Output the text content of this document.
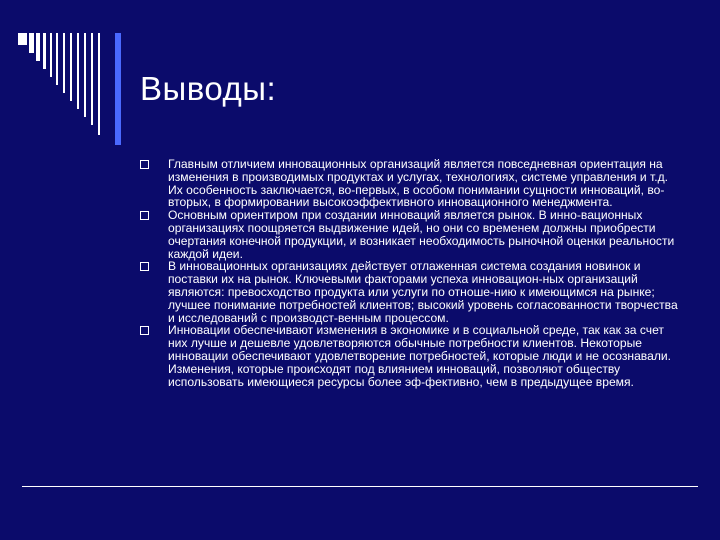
Выводы:
Главным отличием инновационных организаций является повседневная ориентация на изменения в производимых продуктах и услугах, технологиях, системе управления и т.д. Их особенность заключается, во-первых, в особом понимании сущности инноваций, во-вторых, в формировании высокоэффективного инновационного менеджмента.
Основным ориентиром при создании инноваций является рынок. В инно-вационных организациях поощряется выдвижение идей, но они со временем должны приобрести очертания конечной продукции, и возникает необходимость рыночной оценки реальности каждой идеи.
В инновационных организациях действует отлаженная система создания новинок и поставки их на рынок. Ключевыми факторами успеха инновацион-ных организаций являются: превосходство продукта или услуги по отноше-нию к имеющимся на рынке; лучшее понимание потребностей клиентов; высокий уровень согласованности творчества и исследований с производст-венным процессом.
Инновации обеспечивают изменения в экономике и в социальной среде, так как за счет них лучше и дешевле удовлетворяются обычные потребности клиентов. Некоторые инновации обеспечивают удовлетворение потребностей, которые люди и не осознавали. Изменения, которые происходят под влиянием инноваций, позволяют обществу использовать имеющиеся ресурсы более эф-фективно, чем в предыдущее время.
